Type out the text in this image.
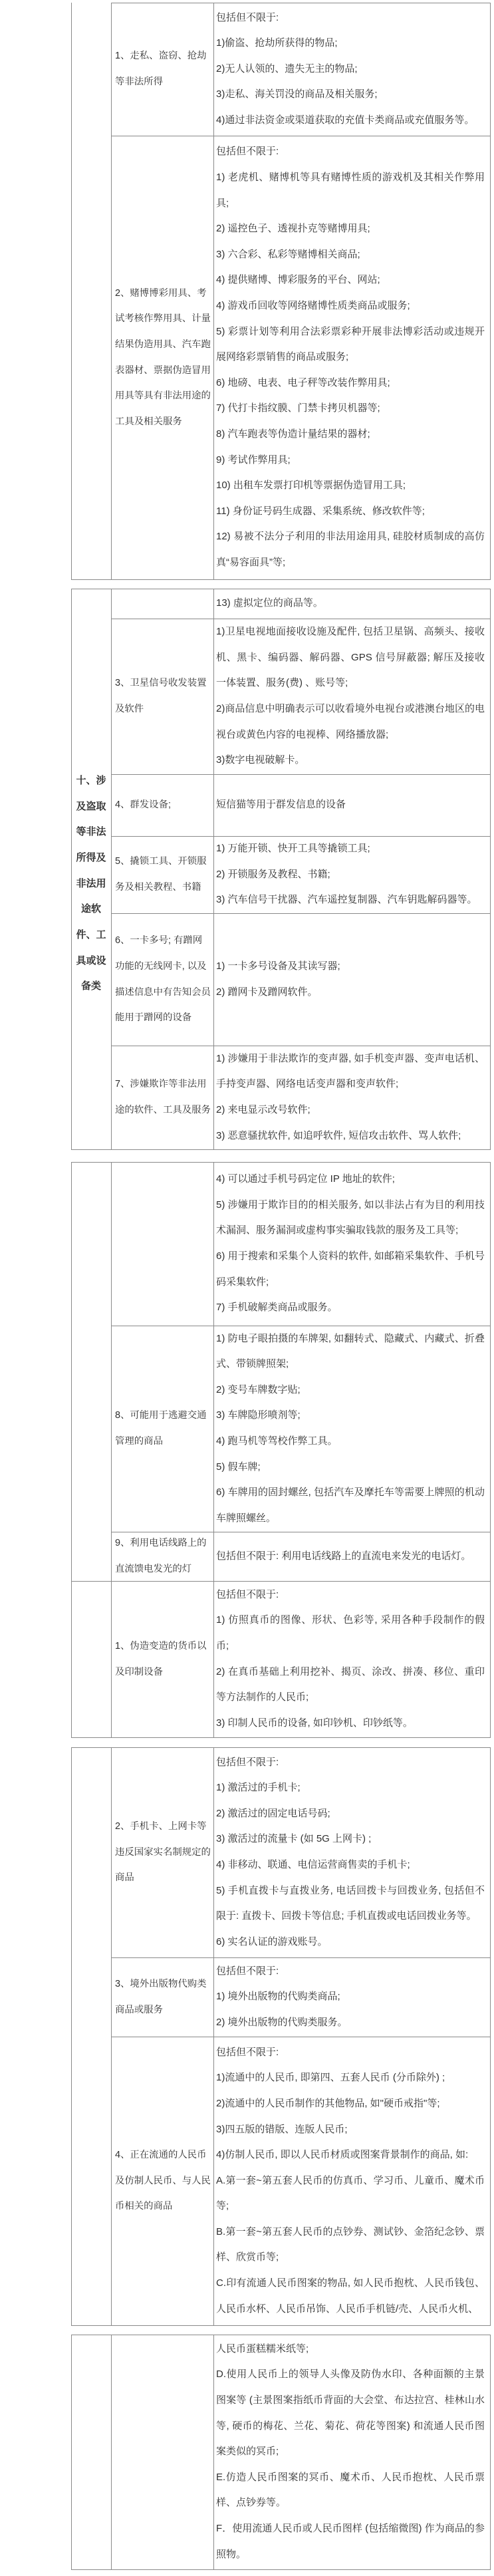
1、走私、盗窃、抢劫等非法所得
2、赌博博彩用具、考试考核作弊用具、计量结果伪造用具、汽车跑表器材、票据伪造冒用用具等具有非法用途的工具及相关服务
3、卫星信号收发装置及软件
4、群发设备;
5、撬锁工具、开锁服务及相关教程、书籍
6、一卡多号; 有蹭网功能的无线网卡, 以及描述信息中有告知会员能用于蹭网的设备
7、涉嫌欺诈等非法用途的软件、工具及服务
8、可能用于逃避交通管理的商品
9、利用电话线路上的直流馈电发光的灯
1、伪造变造的货币以及印制设备
2、手机卡、上网卡等违反国家实名制规定的商品
3、境外出版物代购类商品或服务
4、正在流通的人民币及仿制人民币、与人民币相关的商品
包括但不限于:
1)偷盗、抢劫所获得的物品;
2)无人认领的、遗失无主的物品;
3)走私、海关罚没的商品及相关服务;
4)通过非法资金或渠道获取的充值卡类商品或充值服务等。
包括但不限于:
1) 老虎机、赌博机等具有赌博性质的游戏机及其相关作弊用具;
2) 遥控色子、透视扑克等赌博用具;
3) 六合彩、私彩等赌博相关商品;
4) 提供赌博、博彩服务的平台、网站;
4) 游戏币回收等网络赌博性质类商品或服务;
5) 彩票计划等利用合法彩票彩种开展非法博彩活动或违规开展网络彩票销售的商品或服务;
6) 地磅、电表、电子秤等改装作弊用具;
7) 代打卡指纹膜、门禁卡拷贝机器等;
8) 汽车跑表等伪造计量结果的器材;
9) 考试作弊用具;
10) 出租车发票打印机等票据伪造冒用工具;
11) 身份证号码生成器、采集系统、修改软件等;
12) 易被不法分子利用的非法用途用具, 硅胶材质制成的高仿真“易容面具”等;
13) 虚拟定位的商品等。
1)卫星电视地面接收设施及配件, 包括卫星锅、高频头、接收机、黑卡、编码器、解码器、GPS 信号屏蔽器; 解压及接收一体装置、服务(费) 、账号等;
2)商品信息中明确表示可以收看境外电视台或港澳台地区的电视台或黄色内容的电视棒、网络播放器;
3)数字电视破解卡。
短信猫等用于群发信息的设备
1) 万能开锁、快开工具等撬锁工具;
2) 开锁服务及教程、书籍;
3) 汽车信号干扰器、汽车遥控复制器、汽车钥匙解码器等。
1) 一卡多号设备及其读写器;
2) 蹭网卡及蹭网软件。
1) 涉嫌用于非法欺诈的变声器, 如手机变声器、变声电话机、手持变声器、网络电话变声器和变声软件;
2) 来电显示改号软件;
3) 恶意骚扰软件, 如追呼软件, 短信攻击软件、骂人软件;
4) 可以通过手机号码定位 IP 地址的软件;
5) 涉嫌用于欺诈目的的相关服务, 如以非法占有为目的利用技术漏洞、服务漏洞或虚构事实骗取钱款的服务及工具等;
6) 用于搜索和采集个人资料的软件, 如邮箱采集软件、手机号码采集软件;
7) 手机破解类商品或服务。
1) 防电子眼拍摄的车牌架, 如翻转式、隐藏式、内藏式、折叠式、带锁牌照架;
2) 变号车牌数字贴;
3) 车牌隐形喷剂等;
4) 跑马机等驾校作弊工具。
5) 假车牌;
6) 车牌用的固封螺丝, 包括汽车及摩托车等需要上牌照的机动车牌照螺丝。
包括但不限于: 利用电话线路上的直流电来发光的电话灯。
包括但不限于:
1) 仿照真币的图像、形状、色彩等, 采用各种手段制作的假币;
2) 在真币基础上利用挖补、揭页、涂改、拼凑、移位、重印等方法制作的人民币;
3) 印制人民币的设备, 如印钞机、印钞纸等。
包括但不限于:
1) 激活过的手机卡;
2) 激活过的固定电话号码;
3) 激活过的流量卡 (如 5G 上网卡) ;
4) 非移动、联通、电信运营商售卖的手机卡;
5) 手机直拨卡与直拨业务, 电话回拨卡与回拨业务, 包括但不限于: 直拨卡、回拨卡等信息; 手机直拨或电话回拨业务等。
6) 实名认证的游戏账号。
包括但不限于:
1) 境外出版物的代购类商品;
2) 境外出版物的代购类服务。
包括但不限于:
1)流通中的人民币, 即第四、五套人民币 (分币除外) ;
2)流通中的人民币制作的其他物品, 如"硬币戒指"等;
3)四五版的错版、连版人民币;
4)仿制人民币, 即以人民币材质或图案背景制作的商品, 如:
A.第一套~第五套人民币的仿真币、学习币、儿童币、魔术币等;
B.第一套~第五套人民币的点钞券、测试钞、金箔纪念钞、票样、欣赏币等;
C.印有流通人民币图案的物品, 如人民币抱枕、人民币钱包、人民币水杯、人民币吊饰、人民币手机链/壳、人民币火机、
人民币蛋糕糯米纸等;
D.使用人民币上的领导人头像及防伪水印、各种面额的主景图案等 (主景图案指纸币背面的大会堂、布达拉宫、桂林山水等, 硬币的梅花、兰花、菊花、荷花等图案) 和流通人民币图案类似的冥币;
E.仿造人民币图案的冥币、魔术币、人民币抱枕、人民币票样、点钞券等。
F．使用流通人民币或人民币图样 (包括缩微图) 作为商品的参照物。
十、涉
及盗取
等非法
所得及
非法用
途软
件、工
具或设
备类
